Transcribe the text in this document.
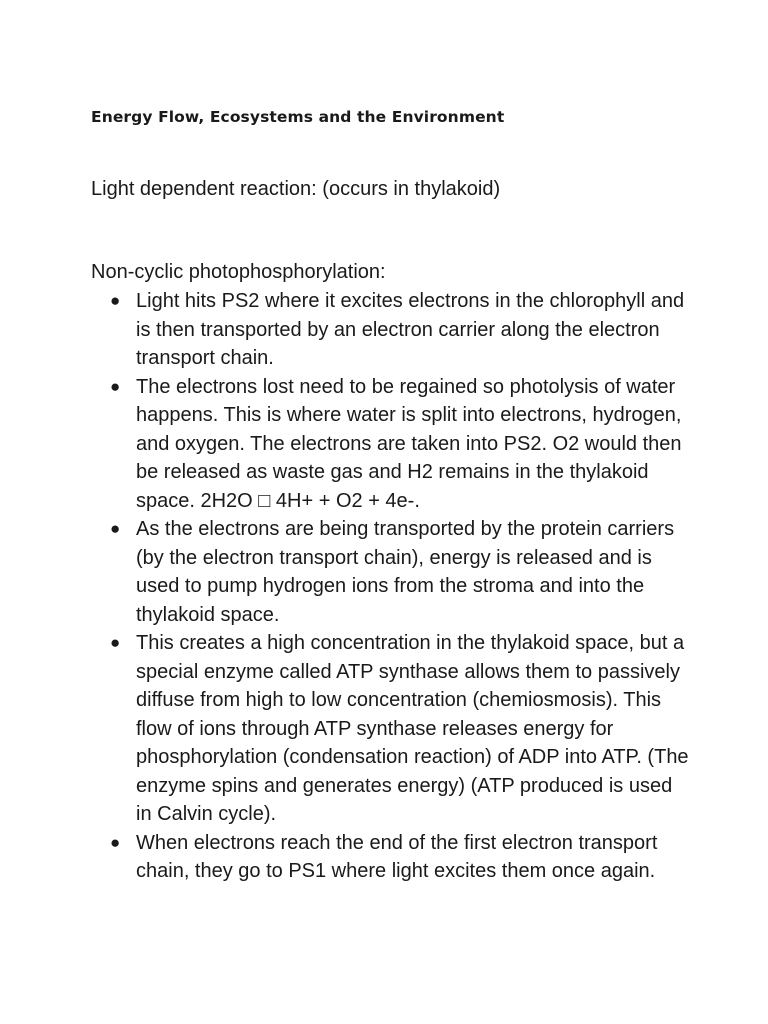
Energy Flow, Ecosystems and the Environment

Light dependent reaction: (occurs in thylakoid)

Non-cyclic photophosphorylation:

● Light hits PS2 where it excites electrons in the chlorophyll and is then transported by an electron carrier along the electron transport chain.
● The electrons lost need to be regained so photolysis of water happens. This is where water is split into electrons, hydrogen, and oxygen. The electrons are taken into PS2. O2 would then be released as waste gas and H2 remains in the thylakoid space. 2H2O □ 4H+ + O2 + 4e-.
● As the electrons are being transported by the protein carriers (by the electron transport chain), energy is released and is used to pump hydrogen ions from the stroma and into the thylakoid space.
● This creates a high concentration in the thylakoid space, but a special enzyme called ATP synthase allows them to passively diffuse from high to low concentration (chemiosmosis). This flow of ions through ATP synthase releases energy for phosphorylation (condensation reaction) of ADP into ATP. (The enzyme spins and generates energy) (ATP produced is used in Calvin cycle).
● When electrons reach the end of the first electron transport chain, they go to PS1 where light excites them once again.
